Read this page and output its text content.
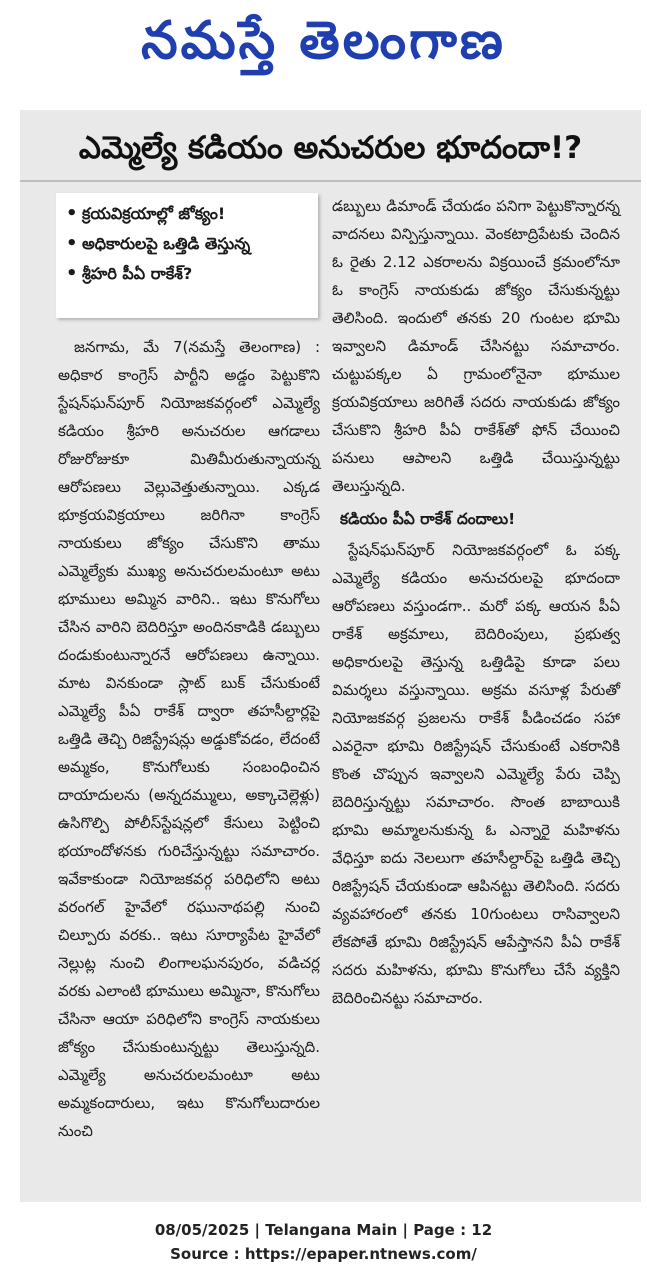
నమస్తే తెలంగాణ
ఎమ్మెల్యే కడియం అనుచరుల భూదందా!?
• క్రయవిక్రయాల్లో జోక్యం!
• అధికారులపై ఒత్తిడి తెస్తున్న
• శ్రీహరి పీఏ రాకేశ్‌?

జనగామ, మే 7(నమస్తే తెలంగాణ) : అధికార కాంగ్రెస్‌ పార్టీని అడ్డం పెట్టుకొని స్టేషన్‌ఘన్‌పూర్‌ నియోజకవర్గంలో ఎమ్మెల్యే కడియం శ్రీహరి అనుచరుల ఆగడాలు రోజురోజుకూ మితిమీరుతున్నాయన్న ఆరోపణలు వెల్లువెత్తుతున్నాయి. ఎక్కడ భూక్రయవిక్రయాలు జరిగినా కాంగ్రెస్‌ నాయకులు జోక్యం చేసుకొని తాము ఎమ్మెల్యేకు ముఖ్య అనుచరులమంటూ అటు భూములు అమ్మిన వారిని.. ఇటు కొనుగోలు చేసిన వారిని బెదిరిస్తూ అందినకాడికి డబ్బులు దండుకుంటున్నారనే ఆరోపణలు ఉన్నాయి. మాట వినకుండా స్లాట్‌ బుక్‌ చేసుకుంటే ఎమ్మెల్యే పీఏ రాకేశ్‌ ద్వారా తహసీల్దార్లపై ఒత్తిడి తెచ్చి రిజిస్ట్రేషన్లు అడ్డుకోవడం, లేదంటే అమ్మకం, కొనుగోలుకు సంబంధించిన దాయాదులను (అన్నదమ్ములు, అక్కాచెల్లెళ్లు) ఉసిగొల్పి పోలీస్‌స్టేషన్లలో కేసులు పెట్టించి భయాందోళనకు గురిచేస్తున్నట్టు సమాచారం. ఇవేకాకుండా నియోజకవర్గ పరిధిలోని అటు వరంగల్‌ హైవేలో రఘునాథపల్లి నుంచి చిల్పూరు వరకు.. ఇటు సూర్యాపేట హైవేలో నెల్లుట్ల నుంచి లింగాలఘనపురం, వడిచర్ల వరకు ఎలాంటి భూములు అమ్మినా, కొనుగోలు చేసినా ఆయా పరిధిలోని కాంగ్రెస్‌ నాయకులు జోక్యం చేసుకుంటున్నట్టు తెలుస్తున్నది. ఎమ్మెల్యే అనుచరులమంటూ అటు అమ్మకందారులు, ఇటు కొనుగోలుదారుల నుంచి

డబ్బులు డిమాండ్‌ చేయడం పనిగా పెట్టుకొన్నారన్న వాదనలు విన్పిస్తున్నాయి. వెంకటాద్రిపేటకు చెందిన ఓ రైతు 2.12 ఎకరాలను విక్రయించే క్రమంలోనూ ఓ కాంగ్రెస్‌ నాయకుడు జోక్యం చేసుకున్నట్టు తెలిసింది. ఇందులో తనకు 20 గుంటల భూమి ఇవ్వాలని డిమాండ్‌ చేసినట్టు సమాచారం. చుట్టుపక్కల ఏ గ్రామంలోనైనా భూముల క్రయవిక్రయాలు జరిగితే సదరు నాయకుడు జోక్యం చేసుకొని శ్రీహరి పీఏ రాకేశ్‌తో ఫోన్‌ చేయించి పనులు ఆపాలని ఒత్తిడి చేయిస్తున్నట్టు తెలుస్తున్నది.

కడియం పీఏ రాకేశ్‌ దందాలు!

స్టేషన్‌ఘన్‌పూర్‌ నియోజకవర్గంలో ఓ పక్క ఎమ్మెల్యే కడియం అనుచరులపై భూదందా ఆరోపణలు వస్తుండగా.. మరో పక్క ఆయన పీఏ రాకేశ్‌ అక్రమాలు, బెదిరింపులు, ప్రభుత్వ అధికారులపై తెస్తున్న ఒత్తిడిపై కూడా పలు విమర్శలు వస్తున్నాయి. అక్రమ వసూళ్ల పేరుతో నియోజకవర్గ ప్రజలను రాకేశ్‌ పీడించడం సహా ఎవరైనా భూమి రిజిస్ట్రేషన్‌ చేసుకుంటే ఎకరానికి కొంత చొప్పున ఇవ్వాలని ఎమ్మెల్యే పేరు చెప్పి బెదిరిస్తున్నట్టు సమాచారం. సొంత బాబాయికి భూమి అమ్మాలనుకున్న ఓ ఎన్నారై మహిళను వేధిస్తూ ఐదు నెలలుగా తహసీల్దార్‌పై ఒత్తిడి తెచ్చి రిజిస్ట్రేషన్‌ చేయకుండా ఆపినట్టు తెలిసింది. సదరు వ్యవహారంలో తనకు 10గుంటలు రాసివ్వాలని లేకపోతే భూమి రిజిస్ట్రేషన్‌ ఆపేస్తానని పీఏ రాకేశ్‌ సదరు మహిళను, భూమి కొనుగోలు చేసే వ్యక్తిని బెదిరించినట్టు సమాచారం.

08/05/2025 | Telangana Main | Page : 12
Source : https://epaper.ntnews.com/
